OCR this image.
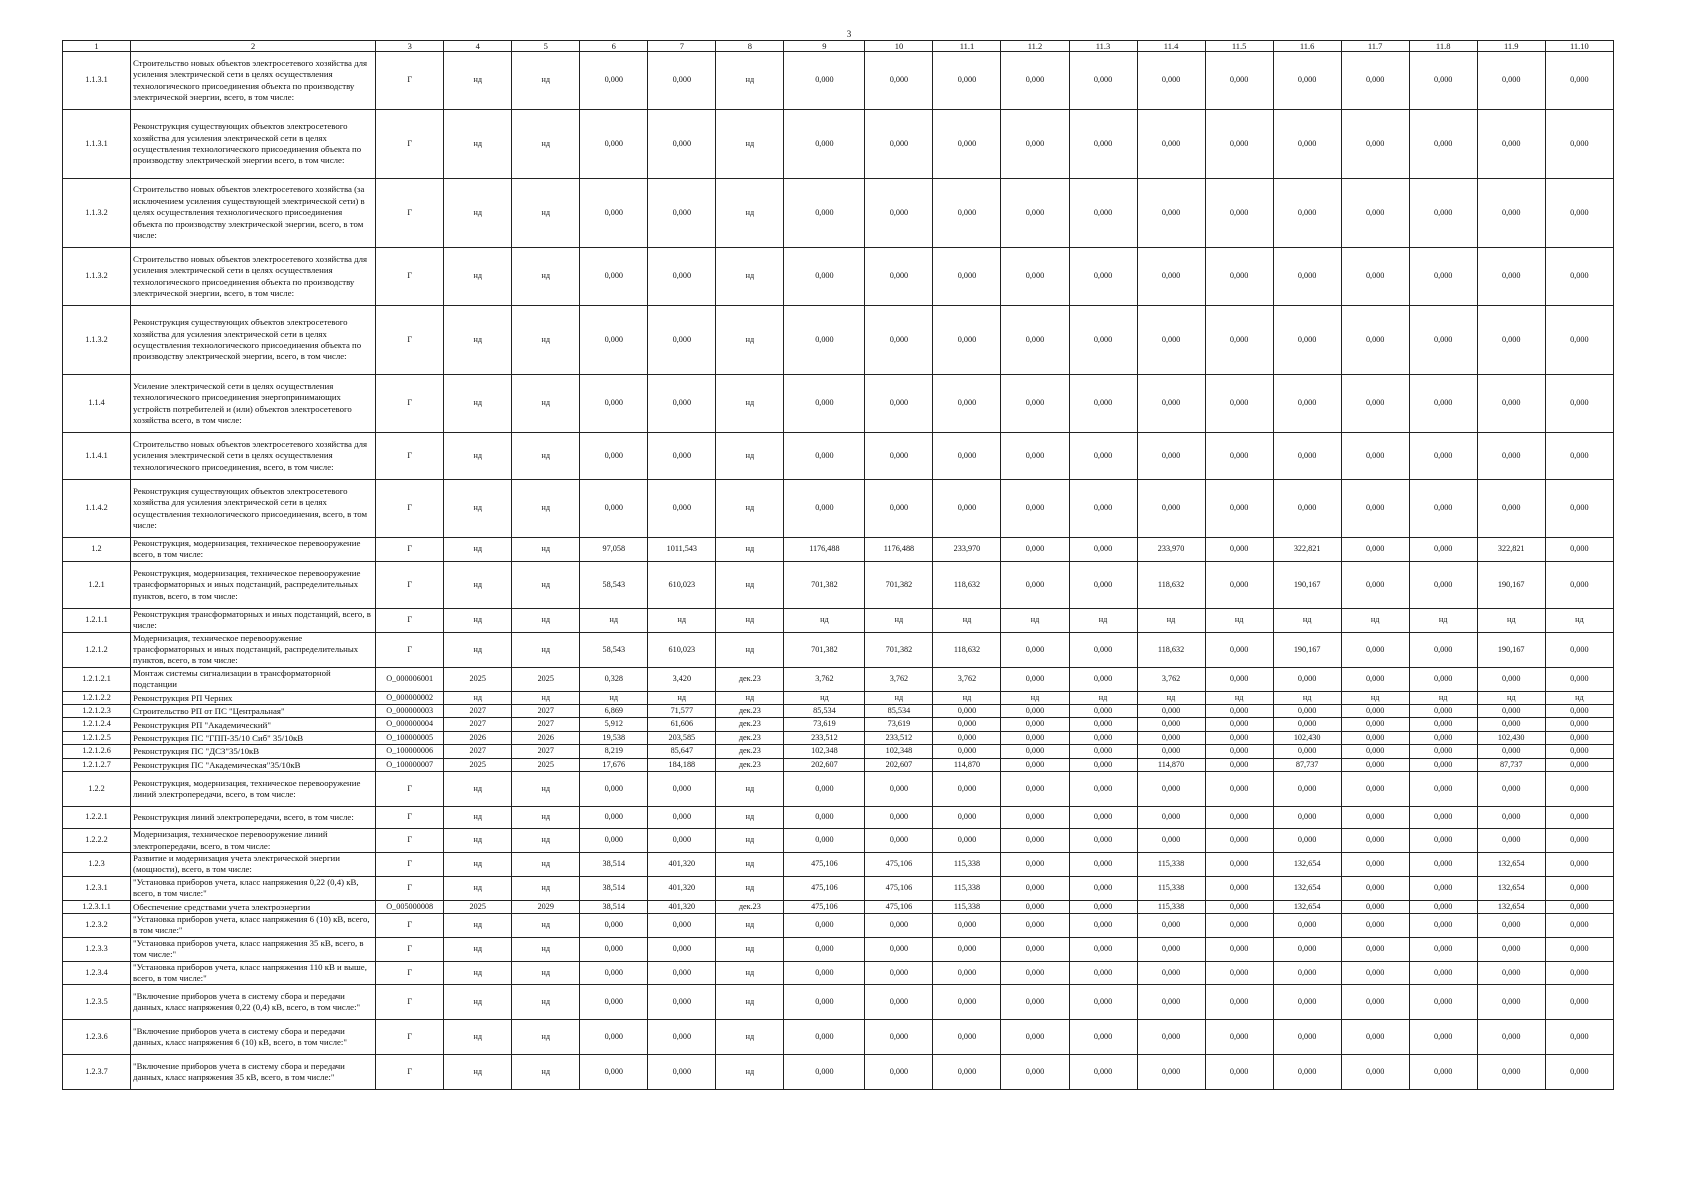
3
1	2	3	4	5	6	7	8	9	10	11.1	11.2	11.3	11.4	11.5	11.6	11.7	11.8	11.9	11.10
1.1.3.1	Строительство новых объектов электросетевого хозяйства для усиления электрической сети в целях осуществления технологического присоединения объекта по производству электрической энергии, всего, в том числе:	Г	нд	нд	0,000	0,000	нд	0,000	0,000	0,000	0,000	0,000	0,000	0,000	0,000	0,000	0,000	0,000	0,000
1.1.3.1	Реконструкция существующих объектов электросетевого хозяйства для усиления электрической сети в целях осуществления технологического присоединения объекта по производству электрической энергии всего, в том числе:	Г	нд	нд	0,000	0,000	нд	0,000	0,000	0,000	0,000	0,000	0,000	0,000	0,000	0,000	0,000	0,000	0,000
1.1.3.2	Строительство новых объектов электросетевого хозяйства (за исключением усиления существующей электрической сети) в целях осуществления технологического присоединения объекта по производству электрической энергии, всего, в том числе:	Г	нд	нд	0,000	0,000	нд	0,000	0,000	0,000	0,000	0,000	0,000	0,000	0,000	0,000	0,000	0,000	0,000
1.1.3.2	Строительство новых объектов электросетевого хозяйства для усиления электрической сети в целях осуществления технологического присоединения объекта по производству электрической энергии, всего, в том числе:	Г	нд	нд	0,000	0,000	нд	0,000	0,000	0,000	0,000	0,000	0,000	0,000	0,000	0,000	0,000	0,000	0,000
1.1.3.2	Реконструкция существующих объектов электросетевого хозяйства для усиления электрической сети в целях осуществления технологического присоединения объекта по производству электрической энергии, всего, в том числе:	Г	нд	нд	0,000	0,000	нд	0,000	0,000	0,000	0,000	0,000	0,000	0,000	0,000	0,000	0,000	0,000	0,000
1.1.4	Усиление электрической сети в целях осуществления технологического присоединения энергопринимающих устройств потребителей и (или) объектов электросетевого хозяйства всего, в том числе:	Г	нд	нд	0,000	0,000	нд	0,000	0,000	0,000	0,000	0,000	0,000	0,000	0,000	0,000	0,000	0,000	0,000
1.1.4.1	Строительство новых объектов электросетевого хозяйства для усиления электрической сети в целях осуществления технологического присоединения, всего, в том числе:	Г	нд	нд	0,000	0,000	нд	0,000	0,000	0,000	0,000	0,000	0,000	0,000	0,000	0,000	0,000	0,000	0,000
1.1.4.2	Реконструкция существующих объектов электросетевого хозяйства для усиления электрической сети в целях осуществления технологического присоединения, всего, в том числе:	Г	нд	нд	0,000	0,000	нд	0,000	0,000	0,000	0,000	0,000	0,000	0,000	0,000	0,000	0,000	0,000	0,000
1.2	Реконструкция, модернизация, техническое перевооружение всего, в том числе:	Г	нд	нд	97,058	1011,543	нд	1176,488	1176,488	233,970	0,000	0,000	233,970	0,000	322,821	0,000	0,000	322,821	0,000
1.2.1	Реконструкция, модернизация, техническое перевооружение трансформаторных и иных подстанций, распределительных пунктов, всего, в том числе:	Г	нд	нд	58,543	610,023	нд	701,382	701,382	118,632	0,000	0,000	118,632	0,000	190,167	0,000	0,000	190,167	0,000
1.2.1.1	Реконструкция трансформаторных и иных подстанций, всего, в числе:	Г	нд	нд	нд	нд	нд	нд	нд	нд	нд	нд	нд	нд	нд	нд	нд	нд	нд
1.2.1.2	Модернизация, техническое перевооружение трансформаторных и иных подстанций, распределительных пунктов, всего, в том числе:	Г	нд	нд	58,543	610,023	нд	701,382	701,382	118,632	0,000	0,000	118,632	0,000	190,167	0,000	0,000	190,167	0,000
1.2.1.2.1	Монтаж системы сигнализации в трансформаторной подстанции	О_000006001	2025	2025	0,328	3,420	дек.23	3,762	3,762	3,762	0,000	0,000	3,762	0,000	0,000	0,000	0,000	0,000	0,000
1.2.1.2.2	Реконструкция РП Черних	О_000000002	нд	нд	нд	нд	нд	нд	нд	нд	нд	нд	нд	нд	нд	нд	нд	нд	нд
1.2.1.2.3	Строительство РП от ПС "Центральная"	О_000000003	2027	2027	6,869	71,577	дек.23	85,534	85,534	0,000	0,000	0,000	0,000	0,000	0,000	0,000	0,000	0,000	0,000
1.2.1.2.4	Реконструкция РП "Академический"	О_000000004	2027	2027	5,912	61,606	дек.23	73,619	73,619	0,000	0,000	0,000	0,000	0,000	0,000	0,000	0,000	0,000	0,000
1.2.1.2.5	Реконструкция ПС "ГПП-35/10 Сиб" 35/10кВ	О_100000005	2026	2026	19,538	203,585	дек.23	233,512	233,512	0,000	0,000	0,000	0,000	0,000	102,430	0,000	0,000	102,430	0,000
1.2.1.2.6	Реконструкция ПС "ДСЗ"35/10кВ	О_100000006	2027	2027	8,219	85,647	дек.23	102,348	102,348	0,000	0,000	0,000	0,000	0,000	0,000	0,000	0,000	0,000	0,000
1.2.1.2.7	Реконструкция ПС "Академическая"35/10кВ	О_100000007	2025	2025	17,676	184,188	дек.23	202,607	202,607	114,870	0,000	0,000	114,870	0,000	87,737	0,000	0,000	87,737	0,000
1.2.2	Реконструкция, модернизация, техническое перевооружение линий электропередачи, всего, в том числе:	Г	нд	нд	0,000	0,000	нд	0,000	0,000	0,000	0,000	0,000	0,000	0,000	0,000	0,000	0,000	0,000	0,000
1.2.2.1	Реконструкция линий электропередачи, всего, в том числе:	Г	нд	нд	0,000	0,000	нд	0,000	0,000	0,000	0,000	0,000	0,000	0,000	0,000	0,000	0,000	0,000	0,000
1.2.2.2	Модернизация, техническое перевооружение линий электропередачи, всего, в том числе:	Г	нд	нд	0,000	0,000	нд	0,000	0,000	0,000	0,000	0,000	0,000	0,000	0,000	0,000	0,000	0,000	0,000
1.2.3	Развитие и модернизация учета электрической энергии (мощности), всего, в том числе:	Г	нд	нд	38,514	401,320	нд	475,106	475,106	115,338	0,000	0,000	115,338	0,000	132,654	0,000	0,000	132,654	0,000
1.2.3.1	"Установка приборов учета, класс напряжения 0,22 (0,4) кВ, всего, в том числе:"	Г	нд	нд	38,514	401,320	нд	475,106	475,106	115,338	0,000	0,000	115,338	0,000	132,654	0,000	0,000	132,654	0,000
1.2.3.1.1	Обеспечение средствами учета электроэнергии	О_005000008	2025	2029	38,514	401,320	дек.23	475,106	475,106	115,338	0,000	0,000	115,338	0,000	132,654	0,000	0,000	132,654	0,000
1.2.3.2	"Установка приборов учета, класс напряжения 6 (10) кВ, всего, в том числе:"	Г	нд	нд	0,000	0,000	нд	0,000	0,000	0,000	0,000	0,000	0,000	0,000	0,000	0,000	0,000	0,000	0,000
1.2.3.3	"Установка приборов учета, класс напряжения 35 кВ, всего, в том числе:"	Г	нд	нд	0,000	0,000	нд	0,000	0,000	0,000	0,000	0,000	0,000	0,000	0,000	0,000	0,000	0,000	0,000
1.2.3.4	"Установка приборов учета, класс напряжения 110 кВ и выше, всего, в том числе:"	Г	нд	нд	0,000	0,000	нд	0,000	0,000	0,000	0,000	0,000	0,000	0,000	0,000	0,000	0,000	0,000	0,000
1.2.3.5	"Включение приборов учета в систему сбора и передачи данных, класс напряжения 0,22 (0,4) кВ, всего, в том числе:"	Г	нд	нд	0,000	0,000	нд	0,000	0,000	0,000	0,000	0,000	0,000	0,000	0,000	0,000	0,000	0,000	0,000
1.2.3.6	"Включение приборов учета в систему сбора и передачи данных, класс напряжения 6 (10) кВ, всего, в том числе:"	Г	нд	нд	0,000	0,000	нд	0,000	0,000	0,000	0,000	0,000	0,000	0,000	0,000	0,000	0,000	0,000	0,000
1.2.3.7	"Включение приборов учета в систему сбора и передачи данных, класс напряжения 35 кВ, всего, в том числе:"	Г	нд	нд	0,000	0,000	нд	0,000	0,000	0,000	0,000	0,000	0,000	0,000	0,000	0,000	0,000	0,000	0,000
